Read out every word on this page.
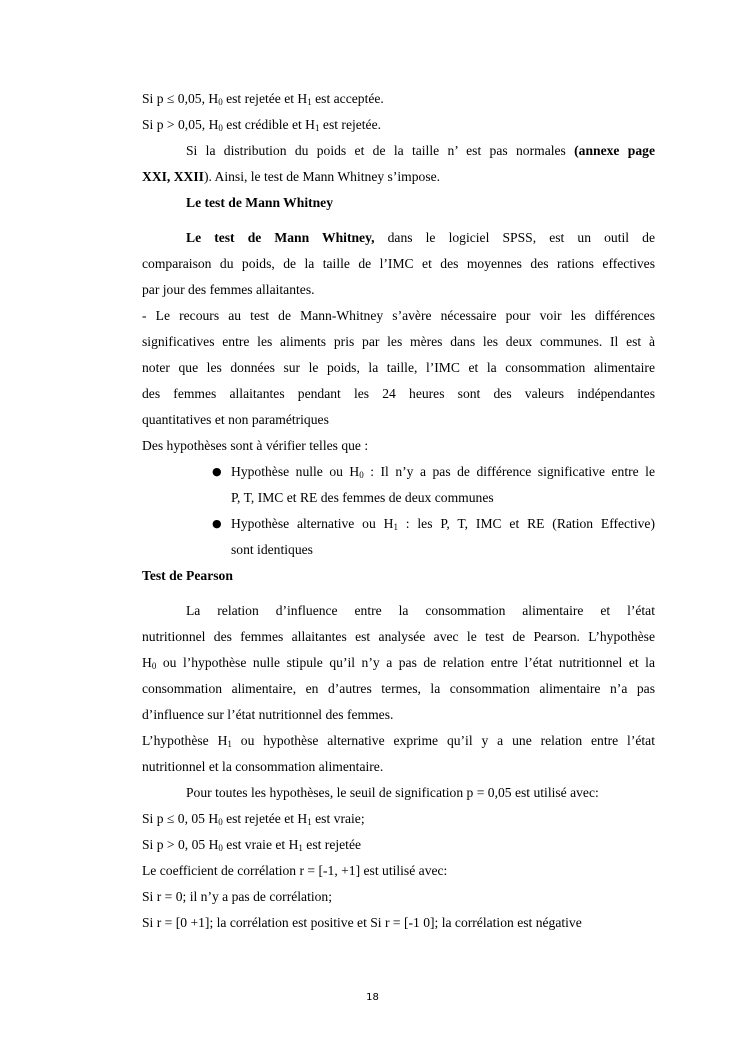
Si p ≤ 0,05, $H_0$ est rejetée et $H_1$ est acceptée.
Si p > 0,05, $H_0$ est crédible et $H_1$ est rejetée.
Si la distribution du poids et de la taille n’ est pas normales (annexe page
XXI, XXII). Ainsi, le test de Mann Whitney s’impose.
Le test de Mann Whitney
Le test de Mann Whitney, dans le logiciel SPSS, est un outil de
comparaison du poids, de la taille de l’IMC et des moyennes des rations effectives
par jour des femmes allaitantes.
- Le recours au test de Mann-Whitney s’avère nécessaire pour voir les différences
significatives entre les aliments pris par les mères dans les deux communes. Il est à
noter que les données sur le poids, la taille, l’IMC et la consommation alimentaire
des femmes allaitantes pendant les 24 heures sont des valeurs indépendantes
quantitatives et non paramétriques
Des hypothèses sont à vérifier telles que :
● Hypothèse nulle ou $H_0$ : Il n’y a pas de différence significative entre le
P, T, IMC et RE des femmes de deux communes
● Hypothèse alternative ou $H_1$ : les P, T, IMC et RE (Ration Effective)
sont identiques
Test de Pearson
La relation d’influence entre la consommation alimentaire et l’état
nutritionnel des femmes allaitantes est analysée avec le test de Pearson. L’hypothèse
$H_0$ ou l’hypothèse nulle stipule qu’il n’y a pas de relation entre l’état nutritionnel et la
consommation alimentaire, en d’autres termes, la consommation alimentaire n’a pas
d’influence sur l’état nutritionnel des femmes.
L’hypothèse $H_1$ ou hypothèse alternative exprime qu’il y a une relation entre l’état
nutritionnel et la consommation alimentaire.
Pour toutes les hypothèses, le seuil de signification p = 0,05 est utilisé avec:
Si p ≤ 0, 05 $H_0$ est rejetée et $H_1$ est vraie;
Si p > 0, 05 $H_0$ est vraie et $H_1$ est rejetée
Le coefficient de corrélation r = [-1, +1] est utilisé avec:
Si r = 0; il n’y a pas de corrélation;
Si r = [0 +1]; la corrélation est positive et Si r = [-1 0]; la corrélation est négative
18
